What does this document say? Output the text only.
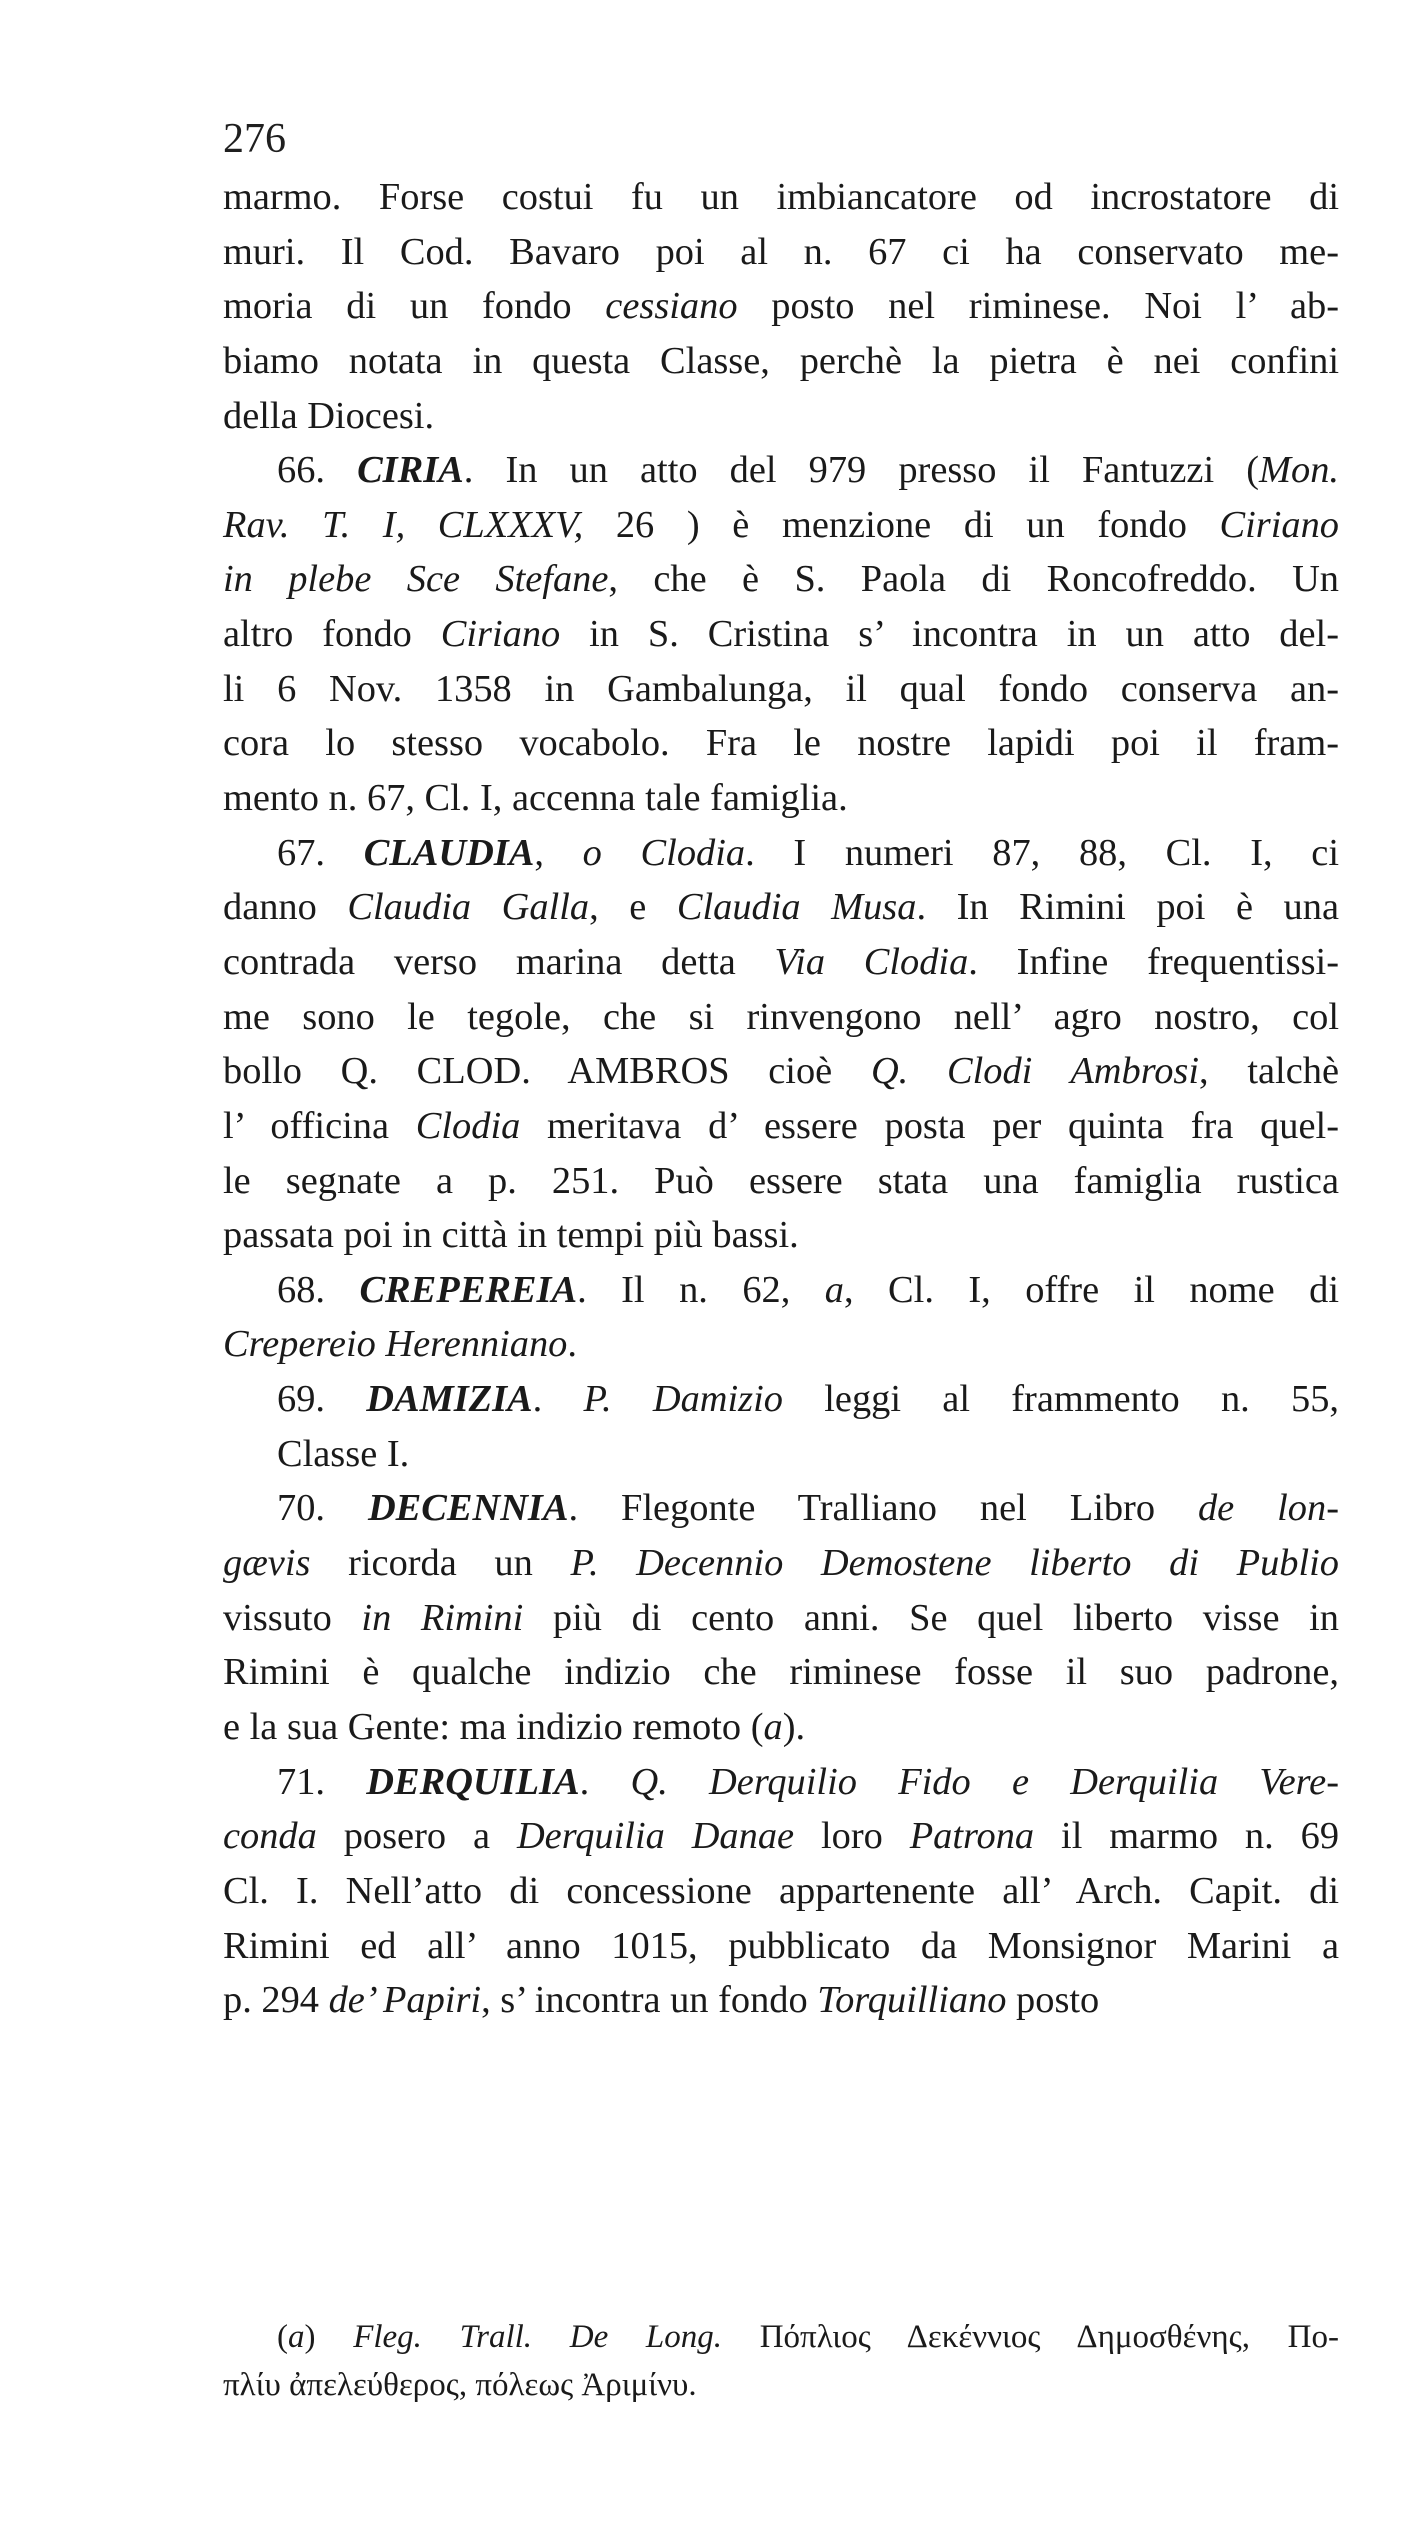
276
marmo. Forse costui fu un imbiancatore od incrostatore di
muri. Il Cod. Bavaro poi al n. 67 ci ha conservato me-
moria di un fondo cessiano posto nel riminese. Noi l’ ab-
biamo notata in questa Classe, perchè la pietra è nei confini
della Diocesi.
66. CIRIA. In un atto del 979 presso il Fantuzzi (Mon.
Rav. T. I, CLXXXV, 26 ) è menzione di un fondo Ciriano
in plebe Sce Stefane, che è S. Paola di Roncofreddo. Un
altro fondo Ciriano in S. Cristina s’ incontra in un atto del-
li 6 Nov. 1358 in Gambalunga, il qual fondo conserva an-
cora lo stesso vocabolo. Fra le nostre lapidi poi il fram-
mento n. 67, Cl. I, accenna tale famiglia.
67. CLAUDIA, o Clodia. I numeri 87, 88, Cl. I, ci
danno Claudia Galla, e Claudia Musa. In Rimini poi è una
contrada verso marina detta Via Clodia. Infine frequentissi-
me sono le tegole, che si rinvengono nell’ agro nostro, col
bollo Q. CLOD. AMBROS cioè Q. Clodi Ambrosi, talchè
l’ officina Clodia meritava d’ essere posta per quinta fra quel-
le segnate a p. 251. Può essere stata una famiglia rustica
passata poi in città in tempi più bassi.
68. CREPEREIA. Il n. 62, a, Cl. I, offre il nome di
Crepereio Herenniano.
69. DAMIZIA. P. Damizio leggi al frammento n. 55,
Classe I.
70. DECENNIA. Flegonte Tralliano nel Libro de lon-
gævis ricorda un P. Decennio Demostene liberto di Publio
vissuto in Rimini più di cento anni. Se quel liberto visse in
Rimini è qualche indizio che riminese fosse il suo padrone,
e la sua Gente: ma indizio remoto (a).
71. DERQUILIA. Q. Derquilio Fido e Derquilia Vere-
conda posero a Derquilia Danae loro Patrona il marmo n. 69
Cl. I. Nell’atto di concessione appartenente all’ Arch. Capit. di
Rimini ed all’ anno 1015, pubblicato da Monsignor Marini a
p. 294 de’ Papiri, s’ incontra un fondo Torquilliano posto
(a) Fleg. Trall. De Long. Πόπλιος Δεκέννιος Δημοσθένης, Πο-
πλίυ ἀπελεύθερος, πόλεως Ἀριμίνυ.
